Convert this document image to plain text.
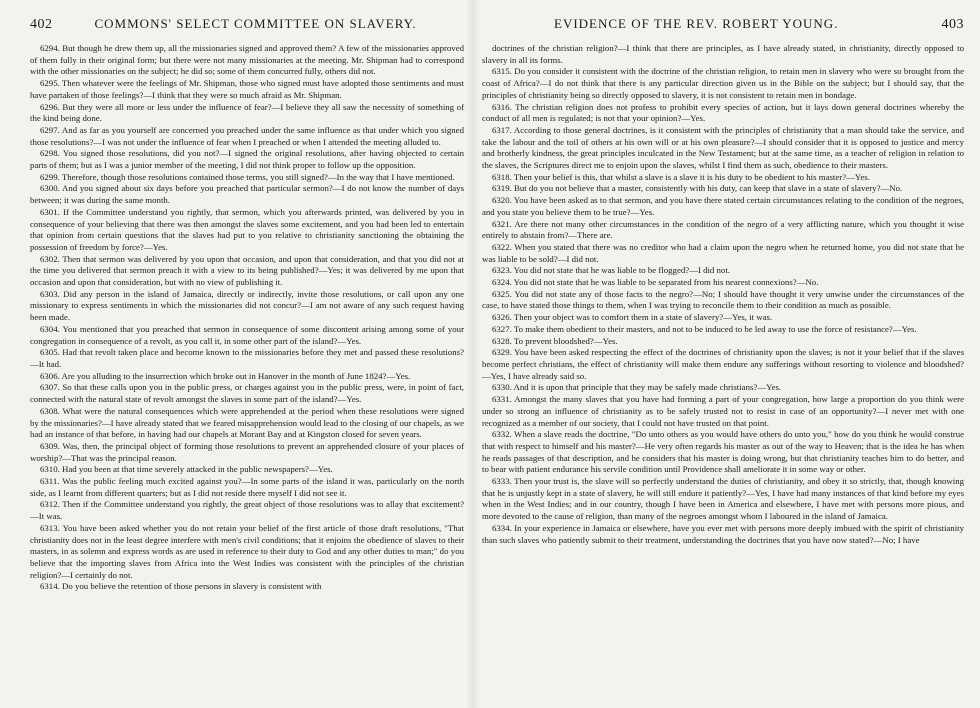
402	COMMONS' SELECT COMMITTEE ON SLAVERY.

6294. But though he drew them up, all the missionaries signed and approved them? A few of the missionaries approved of them fully in their original form; but there were not many missionaries at the meeting. Mr. Shipman had to correspond with the other missionaries on the subject; he did so; some of them concurred fully, others did not.

6295. Then whatever were the feelings of Mr. Shipman, those who signed must have adopted those sentiments and must have partaken of those feelings?—I think that they were so much afraid as Mr. Shipman.

6296. But they were all more or less under the influence of fear?—I believe they all saw the necessity of something of the kind being done.

6297. And as far as you yourself are concerned you preached under the same influence as that under which you signed those resolutions?—I was not under the influence of fear when I preached or when I attended the meeting alluded to.

6298. You signed those resolutions, did you not?—I signed the original resolutions, after having objected to certain parts of them; but as I was a junior member of the meeting, I did not think proper to follow up the opposition.

6299. Therefore, though those resolutions contained those terms, you still signed?—In the way that I have mentioned.

6300. And you signed about six days before you preached that particular sermon?—I do not know the number of days between; it was during the same month.

6301. If the Committee understand you rightly, that sermon, which you afterwards printed, was delivered by you in consequence of your believing that there was then amongst the slaves some excitement, and you had been led to entertain that opinion from certain questions that the slaves had put to you relative to christianity sanctioning the obtaining the possession of freedom by force?—Yes.

6302. Then that sermon was delivered by you upon that occasion, and upon that consideration, and that you did not at the time you delivered that sermon preach it with a view to its being published?—Yes; it was delivered by me upon that occasion and upon that consideration, but with no view of publishing it.

6303. Did any person in the island of Jamaica, directly or indirectly, invite those resolutions, or call upon any one missionary to express sentiments in which the missionaries did not concur?—I am not aware of any such request having been made.

6304. You mentioned that you preached that sermon in consequence of some discontent arising among some of your congregation in consequence of a revolt, as you call it, in some other part of the island?—Yes.

6305. Had that revolt taken place and become known to the missionaries before they met and passed these resolutions?—It had.

6306. Are you alluding to the insurrection which broke out in Hanover in the month of June 1824?—Yes.

6307. So that these calls upon you in the public press, or charges against you in the public press, were, in point of fact, connected with the natural state of revolt amongst the slaves in some part of the island?—Yes.

6308. What were the natural consequences which were apprehended at the period when these resolutions were signed by the missionaries?—I have already stated that we feared misapprehension would lead to the closing of our chapels, as we had an instance of that before, in having had our chapels at Morant Bay and at Kingston closed for seven years.

6309. Was, then, the principal object of forming those resolutions to prevent an apprehended closure of your places of worship?—That was the principal reason.

6310. Had you been at that time severely attacked in the public newspapers?—Yes.

6311. Was the public feeling much excited against you?—In some parts of the island it was, particularly on the north side, as I learnt from different quarters; but as I did not reside there myself I did not see it.

6312. Then if the Committee understand you rightly, the great object of those resolutions was to allay that excitement?—It was.

6313. You have been asked whether you do not retain your belief of the first article of those draft resolutions, "That christianity does not in the least degree interfere with men's civil conditions; that it enjoins the obedience of slaves to their masters, in as solemn and express words as are used in reference to their duty to God and any other duties to man;" do you believe that the importing slaves from Africa into the West Indies was consistent with the principles of the christian religion?—I certainly do not.

6314. Do you believe the retention of those persons in slavery is consistent with

EVIDENCE OF THE REV. ROBERT YOUNG.	403

doctrines of the christian religion?—I think that there are principles, as I have already stated, in christianity, directly opposed to slavery in all its forms.

6315. Do you consider it consistent with the doctrine of the christian religion, to retain men in slavery who were so brought from the coast of Africa?—I do not think that there is any particular direction given us in the Bible on the subject; but I should say, that the principles of christianity being so directly opposed to slavery, it is not consistent to retain men in bondage.

6316. The christian religion does not profess to prohibit every species of action, but it lays down general doctrines whereby the conduct of all men is regulated; is not that your opinion?—Yes.

6317. According to those general doctrines, is it consistent with the principles of christianity that a man should take the service, and take the labour and the toil of others at his own will or at his own pleasure?—I should consider that it is opposed to justice and mercy and brotherly kindness, the great principles inculcated in the New Testament; but at the same time, as a teacher of religion in relation to the slaves, the Scriptures direct me to enjoin upon the slaves, whilst I find them as such, obedience to their masters.

6318. Then your belief is this, that whilst a slave is a slave it is his duty to be obedient to his master?—Yes.

6319. But do you not believe that a master, consistently with his duty, can keep that slave in a state of slavery?—No.

6320. You have been asked as to that sermon, and you have there stated certain circumstances relating to the condition of the negroes, and you state you believe them to be true?—Yes.

6321. Are there not many other circumstances in the condition of the negro of a very afflicting nature, which you thought it wise entirely to abstain from?—There are.

6322. When you stated that there was no creditor who had a claim upon the negro when he returned home, you did not state that he was liable to be sold?—I did not.

6323. You did not state that he was liable to be flogged?—I did not.

6324. You did not state that he was liable to be separated from his nearest connexions?—No.

6325. You did not state any of those facts to the negro?—No; I should have thought it very unwise under the circumstances of the case, to have stated those things to them, when I was trying to reconcile them to their condition as much as possible.

6326. Then your object was to comfort them in a state of slavery?—Yes, it was.

6327. To make them obedient to their masters, and not to be induced to be led away to use the force of resistance?—Yes.

6328. To prevent bloodshed?—Yes.

6329. You have been asked respecting the effect of the doctrines of christianity upon the slaves; is not it your belief that if the slaves become perfect christians, the effect of christianity will make them endure any sufferings without resorting to violence and bloodshed?—Yes, I have already said so.

6330. And it is upon that principle that they may be safely made christians?—Yes.

6331. Amongst the many slaves that you have had forming a part of your congregation, how large a proportion do you think were under so strong an influence of christianity as to be safely trusted not to resist in case of an opportunity?—I never met with one recognized as a member of our society, that I could not have trusted on that point.

6332. When a slave reads the doctrine, "Do unto others as you would have others do unto you," how do you think he would construe that with respect to himself and his master?—He very often regards his master as out of the way to Heaven; that is the idea he has when he reads passages of that description, and he considers that his master is doing wrong, but that christianity teaches him to do better, and to bear with patient endurance his servile condition until Providence shall ameliorate it in some way or other.

6333. Then your trust is, the slave will so perfectly understand the duties of christianity, and obey it so strictly, that, though knowing that he is unjustly kept in a state of slavery, he will still endure it patiently?—Yes, I have had many instances of that kind before my eyes when in the West Indies; and in our country, though I have been in America and elsewhere, I have met with persons more pious, and more devoted to the cause of religion, than many of the negroes amongst whom I laboured in the island of Jamaica.

6334. In your experience in Jamaica or elsewhere, have you ever met with persons more deeply imbued with the spirit of christianity than such slaves who patiently submit to their treatment, understanding the doctrines that you have now stated?—No; I have
